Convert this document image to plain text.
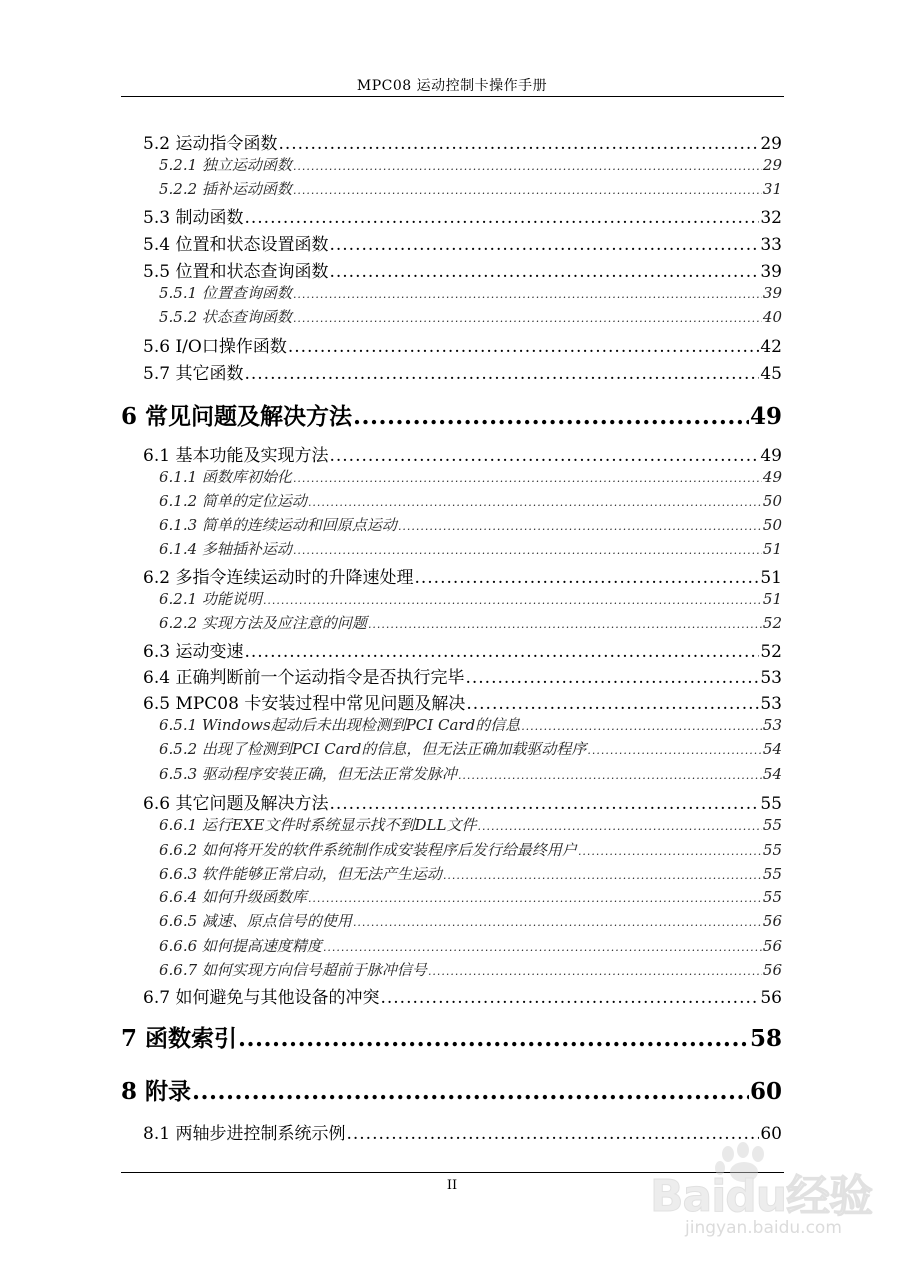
MPC08 运动控制卡操作手册
5.2 运动指令函数 .....	29
5.2.1 独立运动函数 .....	29
5.2.2 插补运动函数 .....	31
5.3 制动函数 .....	32
5.4 位置和状态设置函数 .....	33
5.5 位置和状态查询函数 .....	39
5.5.1 位置查询函数 .....	39
5.5.2 状态查询函数 .....	40
5.6 I/O口操作函数 .....	42
5.7 其它函数 .....	45
6 常见问题及解决方法 .....	49
6.1 基本功能及实现方法 .....	49
6.1.1 函数库初始化 .....	49
6.1.2 简单的定位运动 .....	50
6.1.3 简单的连续运动和回原点运动 .....	50
6.1.4 多轴插补运动 .....	51
6.2 多指令连续运动时的升降速处理 .....	51
6.2.1 功能说明 .....	51
6.2.2 实现方法及应注意的问题 .....	52
6.3 运动变速 .....	52
6.4 正确判断前一个运动指令是否执行完毕 .....	53
6.5 MPC08 卡安装过程中常见问题及解决 .....	53
6.5.1 Windows起动后未出现检测到PCI Card的信息 .....	53
6.5.2 出现了检测到PCI Card的信息，但无法正确加载驱动程序 .....	54
6.5.3 驱动程序安装正确，但无法正常发脉冲 .....	54
6.6 其它问题及解决方法 .....	55
6.6.1 运行EXE文件时系统显示找不到DLL文件 .....	55
6.6.2 如何将开发的软件系统制作成安装程序后发行给最终用户 .....	55
6.6.3 软件能够正常启动，但无法产生运动 .....	55
6.6.4 如何升级函数库 .....	55
6.6.5 减速、原点信号的使用 .....	56
6.6.6 如何提高速度精度 .....	56
6.6.7 如何实现方向信号超前于脉冲信号 .....	56
6.7 如何避免与其他设备的冲突 .....	56
7 函数索引 .....	58
8 附录 .....	60
8.1 两轴步进控制系统示例 .....	60
II	Baidu经验
jingyan.baidu.com
